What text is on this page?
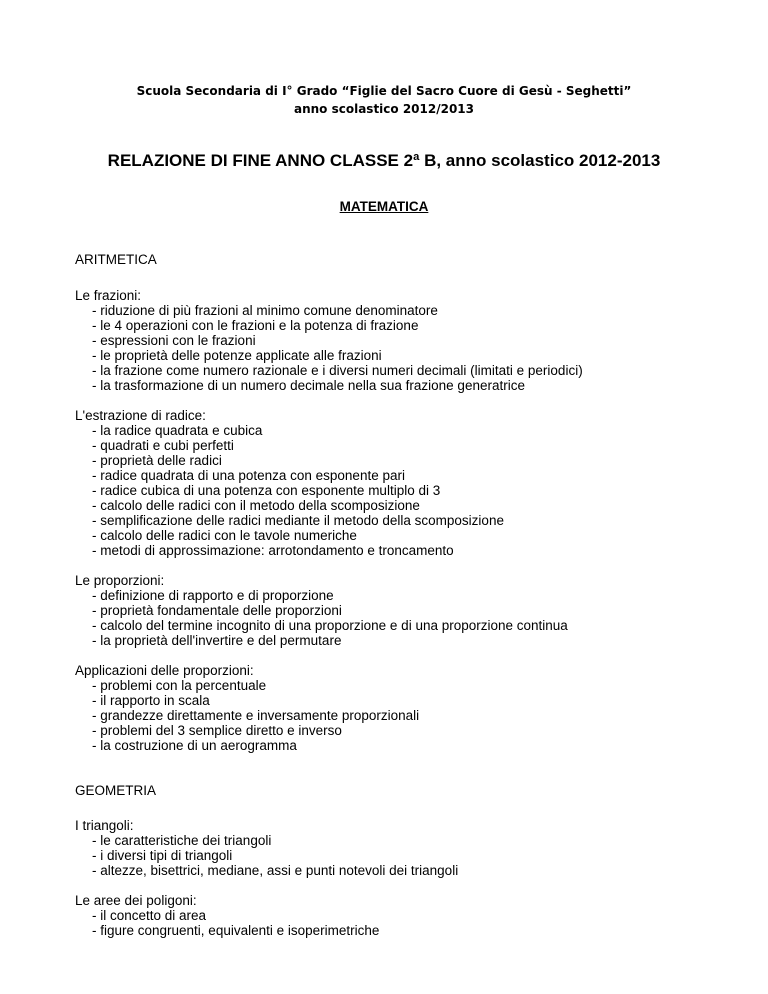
Scuola Secondaria di I° Grado “Figlie del Sacro Cuore di Gesù - Seghetti”
anno scolastico 2012/2013
RELAZIONE DI FINE ANNO CLASSE 2ª B, anno scolastico 2012-2013
MATEMATICA
ARITMETICA
Le frazioni:
- riduzione di più frazioni al minimo comune denominatore
- le 4 operazioni con le frazioni e la potenza di frazione
- espressioni con le frazioni
- le proprietà delle potenze applicate alle frazioni
- la frazione come numero razionale e i diversi numeri decimali (limitati e periodici)
- la trasformazione di un numero decimale nella sua frazione generatrice
L'estrazione di radice:
- la radice quadrata e cubica
- quadrati e cubi perfetti
- proprietà delle radici
- radice quadrata di una potenza con esponente pari
- radice cubica di una potenza con esponente multiplo di 3
- calcolo delle radici con il metodo della scomposizione
- semplificazione delle radici mediante il metodo della scomposizione
- calcolo delle radici con le tavole numeriche
- metodi di approssimazione: arrotondamento e troncamento
Le proporzioni:
- definizione di rapporto e di proporzione
- proprietà fondamentale delle proporzioni
- calcolo del termine incognito di una proporzione e di una proporzione continua
- la proprietà dell'invertire e del permutare
Applicazioni delle proporzioni:
- problemi con la percentuale
- il rapporto in scala
- grandezze direttamente e inversamente proporzionali
- problemi del 3 semplice diretto e inverso
- la costruzione di un aerogramma
GEOMETRIA
I triangoli:
- le caratteristiche dei triangoli
- i diversi tipi di triangoli
- altezze, bisettrici, mediane, assi e punti notevoli dei triangoli
Le aree dei poligoni:
- il concetto di area
- figure congruenti, equivalenti e isoperimetriche
